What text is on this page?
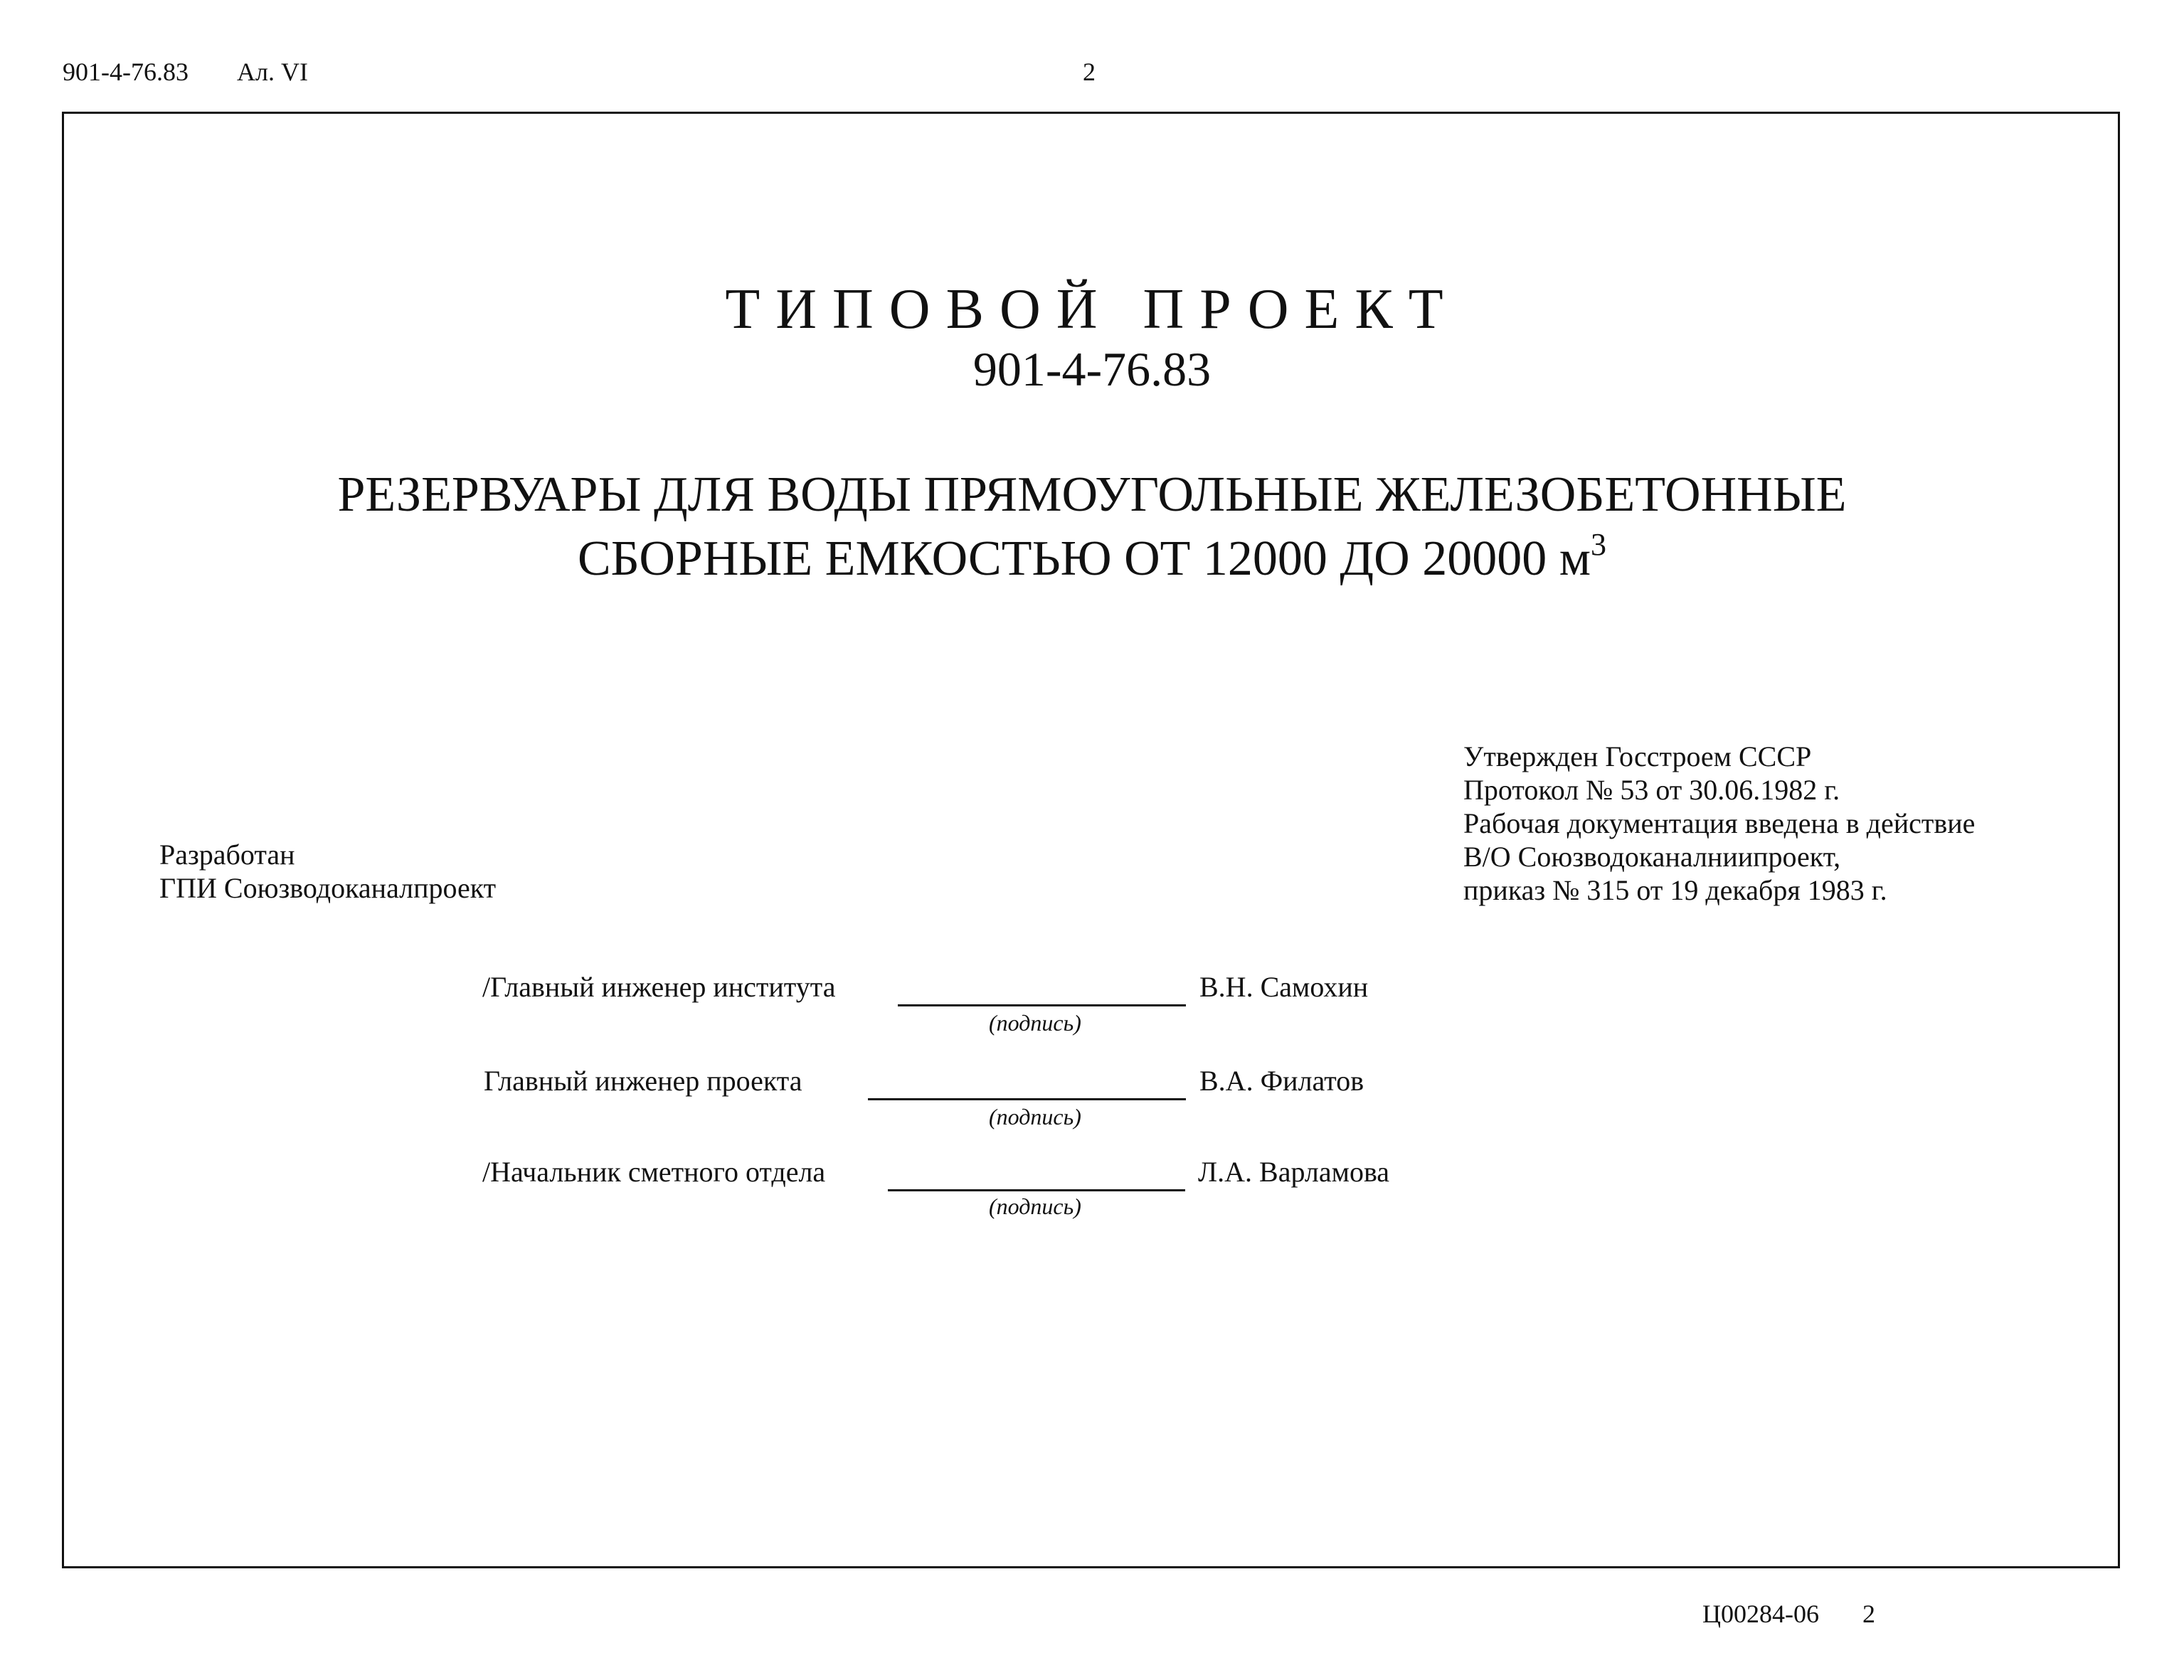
901-4-76.83 Ал. VI	2
ТИПОВОЙ ПРОЕКТ
901-4-76.83
РЕЗЕРВУАРЫ ДЛЯ ВОДЫ ПРЯМОУГОЛЬНЫЕ ЖЕЛЕЗОБЕТОННЫЕ
СБОРНЫЕ ЕМКОСТЬЮ ОТ 12000 ДО 20000 $м^3$
Утвержден Госстроем СССР
Протокол № 53 от 30.06.1982 г.
Рабочая документация введена в действие
В/О Союзводоканалниипроект,
приказ № 315 от 19 декабря 1983 г.
Разработан
ГПИ Союзводоканалпроект
/Главный инженер института	В.Н. Самохин
(подпись)
Главный инженер проекта	В.А. Филатов
(подпись)
/Начальник сметного отдела	Л.А. Варламова
(подпись)
Ц00284-06 2
